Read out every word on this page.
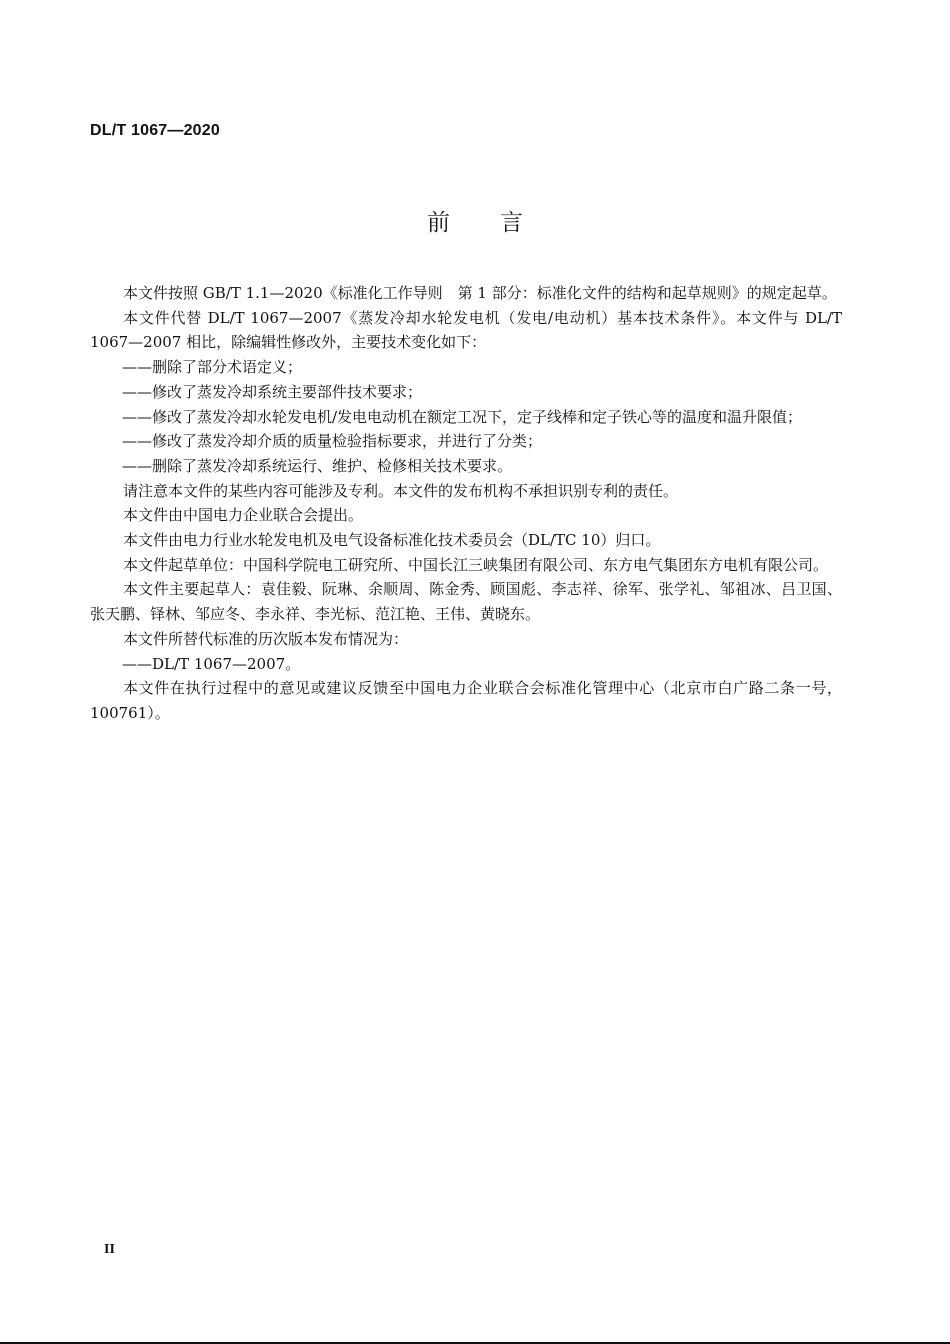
DL/T 1067—2020
前言

本文件按照 GB/T 1.1—2020《标准化工作导则　第 1 部分：标准化文件的结构和起草规则》的规定起草。

本文件代替 DL/T 1067—2007《蒸发冷却水轮发电机（发电/电动机）基本技术条件》。本文件与 DL/T 1067—2007 相比，除编辑性修改外，主要技术变化如下：

——删除了部分术语定义；
——修改了蒸发冷却系统主要部件技术要求；
——修改了蒸发冷却水轮发电机/发电电动机在额定工况下，定子线棒和定子铁心等的温度和温升限值；
——修改了蒸发冷却介质的质量检验指标要求，并进行了分类；
——删除了蒸发冷却系统运行、维护、检修相关技术要求。

请注意本文件的某些内容可能涉及专利。本文件的发布机构不承担识别专利的责任。

本文件由中国电力企业联合会提出。

本文件由电力行业水轮发电机及电气设备标准化技术委员会（DL/TC 10）归口。

本文件起草单位：中国科学院电工研究所、中国长江三峡集团有限公司、东方电气集团东方电机有限公司。

本文件主要起草人：袁佳毅、阮琳、余顺周、陈金秀、顾国彪、李志祥、徐军、张学礼、邹祖冰、吕卫国、张天鹏、铎林、邹应冬、李永祥、李光标、范江艳、王伟、黄晓东。

本文件所替代标准的历次版本发布情况为：

——DL/T 1067—2007。

本文件在执行过程中的意见或建议反馈至中国电力企业联合会标准化管理中心（北京市白广路二条一号，100761）。

II
